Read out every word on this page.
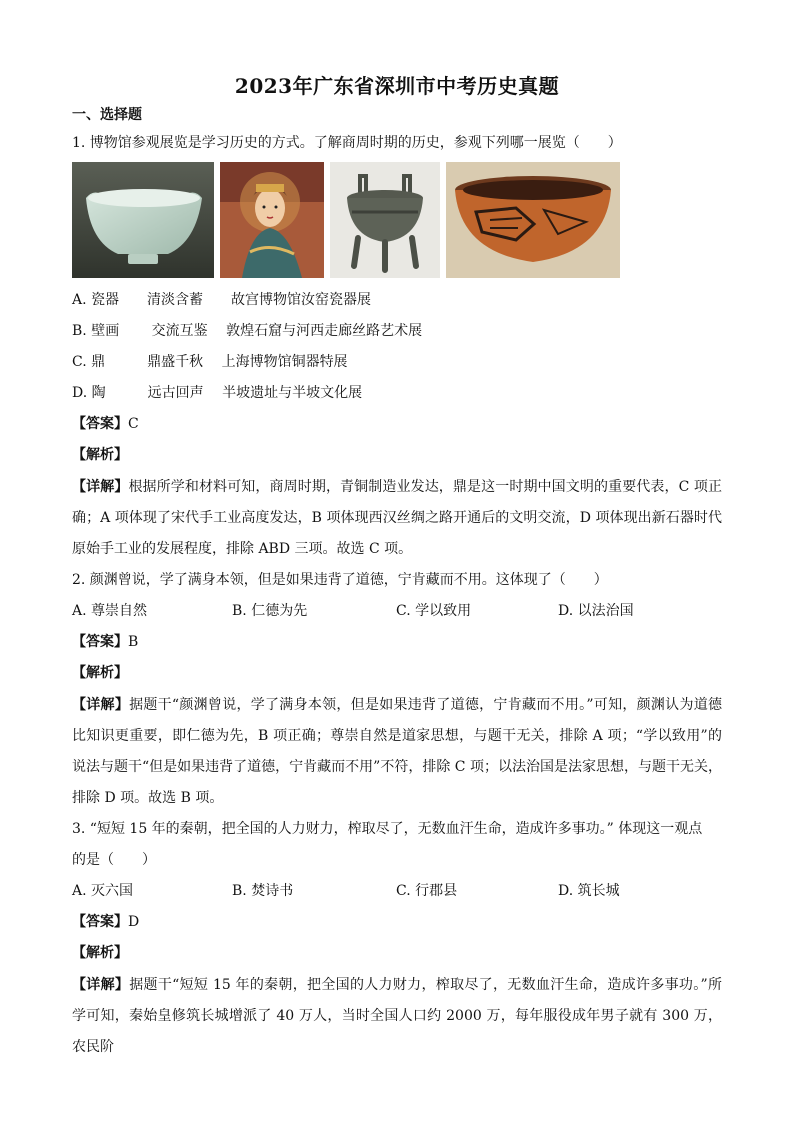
2023年广东省深圳市中考历史真题
一、选择题
1. 博物馆参观展览是学习历史的方式。了解商周时期的历史，参观下列哪一展览（　　）
A. 瓷器　　清淡含蓄　　故宫博物馆汝窑瓷器展
B. 壁画　　 交流互鉴　 敦煌石窟与河西走廊丝路艺术展
C. 鼎　　　鼎盛千秋　 上海博物馆铜器特展
D. 陶　　　远古回声　 半坡遗址与半坡文化展
【答案】C
【解析】
【详解】根据所学和材料可知，商周时期，青铜制造业发达，鼎是这一时期中国文明的重要代表，C 项正确；A 项体现了宋代手工业高度发达，B 项体现西汉丝绸之路开通后的文明交流，D 项体现出新石器时代原始手工业的发展程度，排除 ABD 三项。故选 C 项。
2. 颜渊曾说，学了满身本领，但是如果违背了道德，宁肯藏而不用。这体现了（　　）
A. 尊崇自然	B. 仁德为先	C. 学以致用	D. 以法治国
【答案】B
【解析】
【详解】据题干“颜渊曾说，学了满身本领，但是如果违背了道德，宁肯藏而不用。”可知，颜渊认为道德比知识更重要，即仁德为先，B 项正确；尊崇自然是道家思想，与题干无关，排除 A 项；“学以致用”的说法与题干“但是如果违背了道德，宁肯藏而不用”不符，排除 C 项；以法治国是法家思想，与题干无关，排除 D 项。故选 B 项。
3. “短短 15 年的秦朝，把全国的人力财力，榨取尽了，无数血汗生命，造成许多事功。” 体现这一观点
的是（　　）
A. 灭六国	B. 焚诗书	C. 行郡县	D. 筑长城
【答案】D
【解析】
【详解】据题干“短短 15 年的秦朝，把全国的人力财力，榨取尽了，无数血汗生命，造成许多事功。”所学可知，秦始皇修筑长城增派了 40 万人，当时全国人口约 2000 万，每年服役成年男子就有 300 万，农民阶
